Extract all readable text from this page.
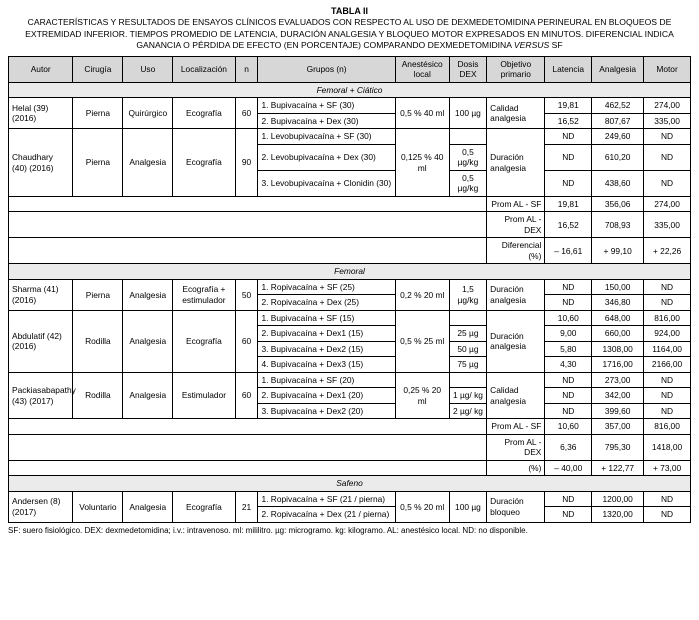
TABLA II
CARACTERÍSTICAS Y RESULTADOS DE ENSAYOS CLÍNICOS EVALUADOS CON RESPECTO AL USO DE DEXMEDETOMIDINA PERINEURAL EN BLOQUEOS DE EXTREMIDAD INFERIOR. TIEMPOS PROMEDIO DE LATENCIA, DURACIÓN ANALGESIA Y BLOQUEO MOTOR EXPRESADOS EN MINUTOS. DIFERENCIAL INDICA GANANCIA O PÉRDIDA DE EFECTO (EN PORCENTAJE) COMPARANDO DEXMEDETOMIDINA VERSUS SF
Autor	Cirugía	Uso	Localización	n	Grupos (n)	Anestésico local	Dosis DEX	Objetivo primario	Latencia	Analgesia	Motor
Femoral + Ciático											
Helal (39) (2016)	Pierna	Quirúrgico	Ecografía	60	1. Bupivacaína + SF (30)	0,5 % 40 ml	100 µg	Calidad analgesia	19,81	462,52	274,00
					2. Bupivacaína + Dex (30)				16,52	807,67	335,00
Chaudhary (40) (2016)	Pierna	Analgesia	Ecografía	90	1. Levobupivacaína + SF (30)	0,125 % 40 ml		Duración analgesia	ND	249,60	ND
					2. Levobupivacaína + Dex (30)		0,5 µg/kg		ND	610,20	ND
					3. Levobupivacaína + Clonidin (30)		0,5 µg/kg		ND	438,60	ND
								Prom AL - SF	19,81	356,06	274,00
								Prom AL - DEX	16,52	708,93	335,00
								Diferencial (%)	– 16,61	+ 99,10	+ 22,26
Femoral											
Sharma (41) (2016)	Pierna	Analgesia	Ecografía + estimulador	50	1. Ropivacaína + SF (25)	0,2 % 20 ml	1,5 µg/kg	Duración analgesia	ND	150,00	ND
					2. Ropivacaína + Dex (25)				ND	346,80	ND
Abdulatif (42) (2016)	Rodilla	Analgesia	Ecografía	60	1. Bupivacaína + SF (15)	0,5 % 25 ml		Duración analgesia	10,60	648,00	816,00
					2. Bupivacaína + Dex1 (15)		25 µg		9,00	660,00	924,00
					3. Bupivacaína + Dex2 (15)		50 µg		5,80	1308,00	1164,00
					4. Bupivacaína + Dex3 (15)		75 µg		4,30	1716,00	2166,00
Packiasabapathy (43) (2017)	Rodilla	Analgesia	Estimulador	60	1. Bupivacaína + SF (20)	0,25 % 20 ml		Calidad analgesia	ND	273,00	ND
					2. Bupivacaína + Dex1 (20)		1 µg/ kg		ND	342,00	ND
					3. Bupivacaína + Dex2 (20)		2 µg/ kg		ND	399,60	ND
								Prom AL - SF	10,60	357,00	816,00
								Prom AL - DEX	6,36	795,30	1418,00
								(%)	– 40,00	+ 122,77	+ 73,00
Safeno											
Andersen (8) (2017)	Voluntario	Analgesia	Ecografía	21	1. Ropivacaína + SF (21 / pierna)	0,5 % 20 ml	100 µg	Duración bloqueo	ND	1200,00	ND
					2. Ropivacaína + Dex (21 / pierna)				ND	1320,00	ND
SF: suero fisiológico. DEX: dexmedetomidina; i.v.: intravenoso. ml: mililitro. µg: microgramo. kg: kilogramo. AL: anestésico local. ND: no disponible.
